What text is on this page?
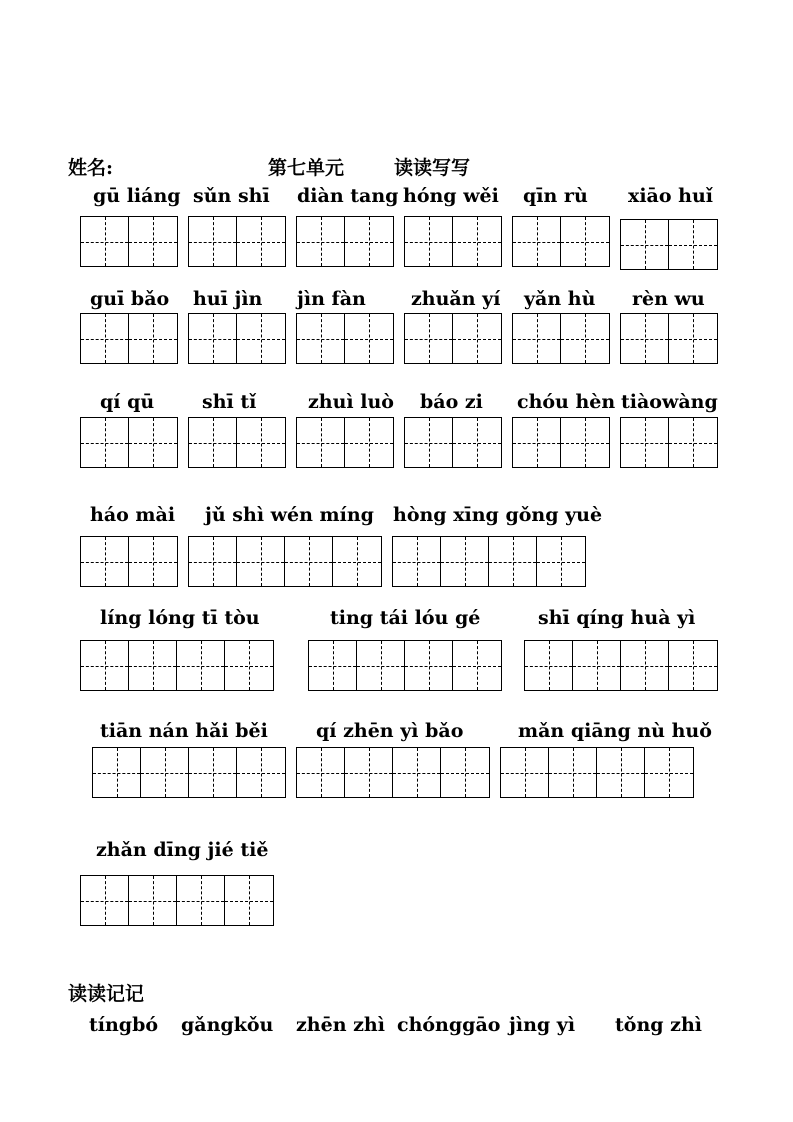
姓名:	第七单元	读读写写
gū liáng sǔn shī diàn tang hóng wěi qīn rù xiāo huǐ
guī bǎo huī jìn jìn fàn zhuǎn yí yǎn hù rèn wu
qí qū	shī tǐ	zhuì luò báo zi chóu hèn tiàowàng
háo mài jǔ shì wén míng hòng xīng gǒng yuè
líng lóng tī tòu	ting tái lóu gé	shī qíng huà yì
tiān nán hǎi běi	qí zhēn yì bǎo	mǎn qiāng nù huǒ
zhǎn dīng jié tiě
读读记记
tíngbó gǎngkǒu zhēn zhì chónggāo jìng yì tǒng zhì
